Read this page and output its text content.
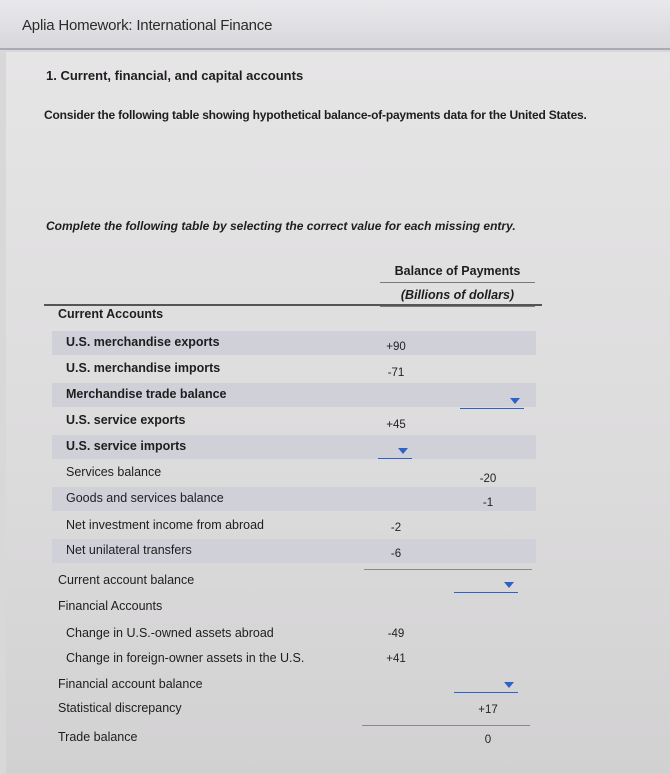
Aplia Homework: International Finance
1. Current, financial, and capital accounts
Consider the following table showing hypothetical balance-of-payments data for the United States.
Complete the following table by selecting the correct value for each missing entry.
Balance of Payments
(Billions of dollars)
Current Accounts
U.S. merchandise exports	+90
U.S. merchandise imports	-71
Merchandise trade balance
U.S. service exports	+45
U.S. service imports
Services balance	-20
Goods and services balance	-1
Net investment income from abroad	-2
Net unilateral transfers	-6
Current account balance
Financial Accounts
Change in U.S.-owned assets abroad	-49
Change in foreign-owner assets in the U.S.	+41
Financial account balance
Statistical discrepancy	+17
Trade balance	0
